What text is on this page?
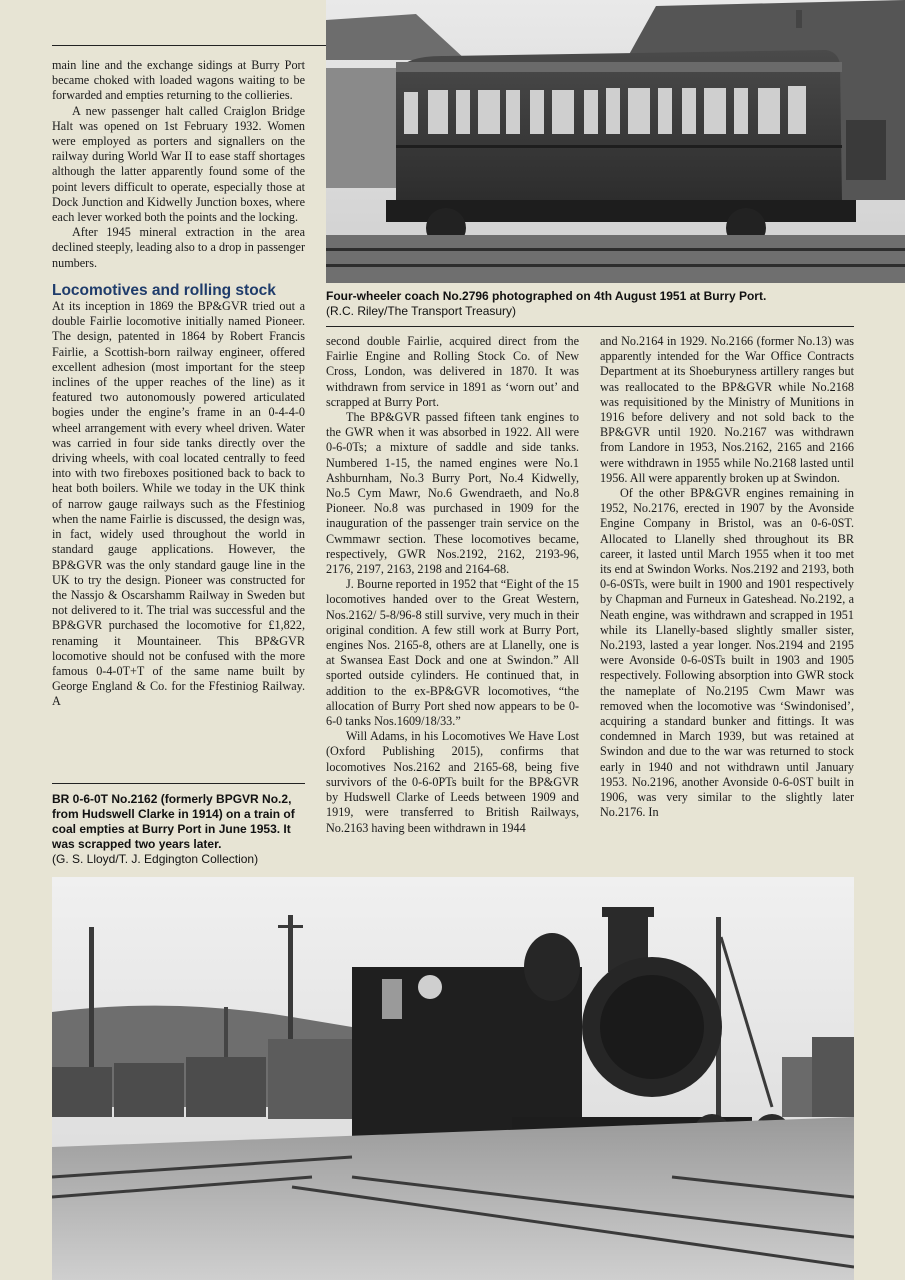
main line and the exchange sidings at Burry Port became choked with loaded wagons waiting to be forwarded and empties returning to the collieries.

A new passenger halt called Craiglon Bridge Halt was opened on 1st February 1932. Women were employed as porters and signallers on the railway during World War II to ease staff shortages although the latter apparently found some of the point levers difficult to operate, especially those at Dock Junction and Kidwelly Junction boxes, where each lever worked both the points and the locking.

After 1945 mineral extraction in the area declined steeply, leading also to a drop in passenger numbers.

Locomotives and rolling stock

At its inception in 1869 the BP&GVR tried out a double Fairlie locomotive initially named Pioneer. The design, patented in 1864 by Robert Francis Fairlie, a Scottish-born railway engineer, offered excellent adhesion (most important for the steep inclines of the upper reaches of the line) as it featured two autonomously powered articulated bogies under the engine’s frame in an 0-4-4-0 wheel arrangement with every wheel driven. Water was carried in four side tanks directly over the driving wheels, with coal located centrally to feed into with two fireboxes positioned back to back to heat both boilers. While we today in the UK think of narrow gauge railways such as the Ffestiniog when the name Fairlie is discussed, the design was, in fact, widely used throughout the world in standard gauge applications. However, the BP&GVR was the only standard gauge line in the UK to try the design. Pioneer was constructed for the Nassjo & Oscarshamm Railway in Sweden but not delivered to it. The trial was successful and the BP&GVR purchased the locomotive for £1,822, renaming it Mountaineer. This BP&GVR locomotive should not be confused with the more famous 0-4-0T+T of the same name built by George England & Co. for the Ffestiniog Railway. A

BR 0-6-0T No.2162 (formerly BPGVR No.2, from Hudswell Clarke in 1914) on a train of coal empties at Burry Port in June 1953. It was scrapped two years later.
(G. S. Lloyd/T. J. Edgington Collection)
Four-wheeler coach No.2796 photographed on 4th August 1951 at Burry Port.
(R.C. Riley/The Transport Treasury)

second double Fairlie, acquired direct from the Fairlie Engine and Rolling Stock Co. of New Cross, London, was delivered in 1870. It was withdrawn from service in 1891 as ‘worn out’ and scrapped at Burry Port.

The BP&GVR passed fifteen tank engines to the GWR when it was absorbed in 1922. All were 0-6-0Ts; a mixture of saddle and side tanks. Numbered 1-15, the named engines were No.1 Ashburnham, No.3 Burry Port, No.4 Kidwelly, No.5 Cym Mawr, No.6 Gwendraeth, and No.8 Pioneer. No.8 was purchased in 1909 for the inauguration of the passenger train service on the Cwmmawr section. These locomotives became, respectively, GWR Nos.2192, 2162, 2193-96, 2176, 2197, 2163, 2198 and 2164-68.

J. Bourne reported in 1952 that “Eight of the 15 locomotives handed over to the Great Western, Nos.2162/ 5-8/96-8 still survive, very much in their original condition. A few still work at Burry Port, engines Nos. 2165-8, others are at Llanelly, one is at Swansea East Dock and one at Swindon.” All sported outside cylinders. He continued that, in addition to the ex-BP&GVR locomotives, “the allocation of Burry Port shed now appears to be 0-6-0 tanks Nos.1609/18/33.”

Will Adams, in his Locomotives We Have Lost (Oxford Publishing 2015), confirms that locomotives Nos.2162 and 2165-68, being five survivors of the 0-6-0PTs built for the BP&GVR by Hudswell Clarke of Leeds between 1909 and 1919, were transferred to British Railways, No.2163 having been withdrawn in 1944

and No.2164 in 1929. No.2166 (former No.13) was apparently intended for the War Office Contracts Department at its Shoeburyness artillery ranges but was reallocated to the BP&GVR while No.2168 was requisitioned by the Ministry of Munitions in 1916 before delivery and not sold back to the BP&GVR until 1920. No.2167 was withdrawn from Landore in 1953, Nos.2162, 2165 and 2166 were withdrawn in 1955 while No.2168 lasted until 1956. All were apparently broken up at Swindon.

Of the other BP&GVR engines remaining in 1952, No.2176, erected in 1907 by the Avonside Engine Company in Bristol, was an 0-6-0ST. Allocated to Llanelly shed throughout its BR career, it lasted until March 1955 when it too met its end at Swindon Works. Nos.2192 and 2193, both 0-6-0STs, were built in 1900 and 1901 respectively by Chapman and Furneux in Gateshead. No.2192, a Neath engine, was withdrawn and scrapped in 1951 while its Llanelly-based slightly smaller sister, No.2193, lasted a year longer. Nos.2194 and 2195 were Avonside 0-6-0STs built in 1903 and 1905 respectively. Following absorption into GWR stock the nameplate of No.2195 Cwm Mawr was removed when the locomotive was ‘Swindonised’, acquiring a standard bunker and fittings. It was condemned in March 1939, but was retained at Swindon and due to the war was returned to stock early in 1940 and not withdrawn until January 1953. No.2196, another Avonside 0-6-0ST built in 1906, was very similar to the slightly later No.2176. In
